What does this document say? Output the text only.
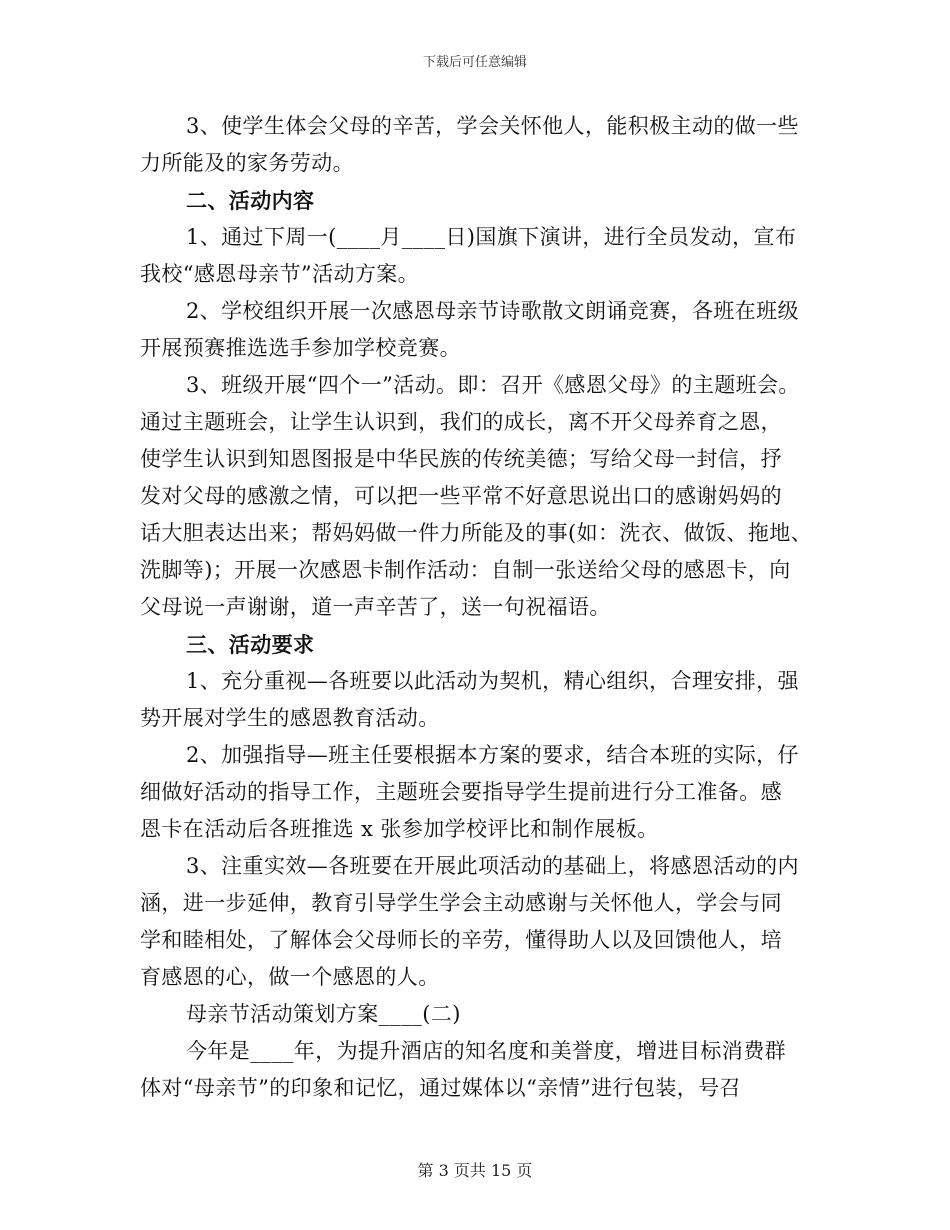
下载后可任意编辑
3、使学生体会父母的辛苦，学会关怀他人，能积极主动的做一些
力所能及的家务劳动。
二、活动内容
1、通过下周一(____月____日)国旗下演讲，进行全员发动，宣布
我校“感恩母亲节”活动方案。
2、学校组织开展一次感恩母亲节诗歌散文朗诵竞赛，各班在班级
开展预赛推选选手参加学校竞赛。
3、班级开展“四个一”活动。即：召开《感恩父母》的主题班会。
通过主题班会，让学生认识到，我们的成长，离不开父母养育之恩，
使学生认识到知恩图报是中华民族的传统美德；写给父母一封信，抒
发对父母的感激之情，可以把一些平常不好意思说出口的感谢妈妈的
话大胆表达出来；帮妈妈做一件力所能及的事(如：洗衣、做饭、拖地、
洗脚等)；开展一次感恩卡制作活动：自制一张送给父母的感恩卡，向
父母说一声谢谢，道一声辛苦了，送一句祝福语。
三、活动要求
1、充分重视—各班要以此活动为契机，精心组织，合理安排，强
势开展对学生的感恩教育活动。
2、加强指导—班主任要根据本方案的要求，结合本班的实际，仔
细做好活动的指导工作，主题班会要指导学生提前进行分工准备。感
恩卡在活动后各班推选 x 张参加学校评比和制作展板。
3、注重实效—各班要在开展此项活动的基础上，将感恩活动的内
涵，进一步延伸，教育引导学生学会主动感谢与关怀他人，学会与同
学和睦相处，了解体会父母师长的辛劳，懂得助人以及回馈他人，培
育感恩的心，做一个感恩的人。
母亲节活动策划方案____(二)
今年是____年，为提升酒店的知名度和美誉度，增进目标消费群
体对“母亲节”的印象和记忆，通过媒体以“亲情”进行包装，号召
第 3 页共 15 页
